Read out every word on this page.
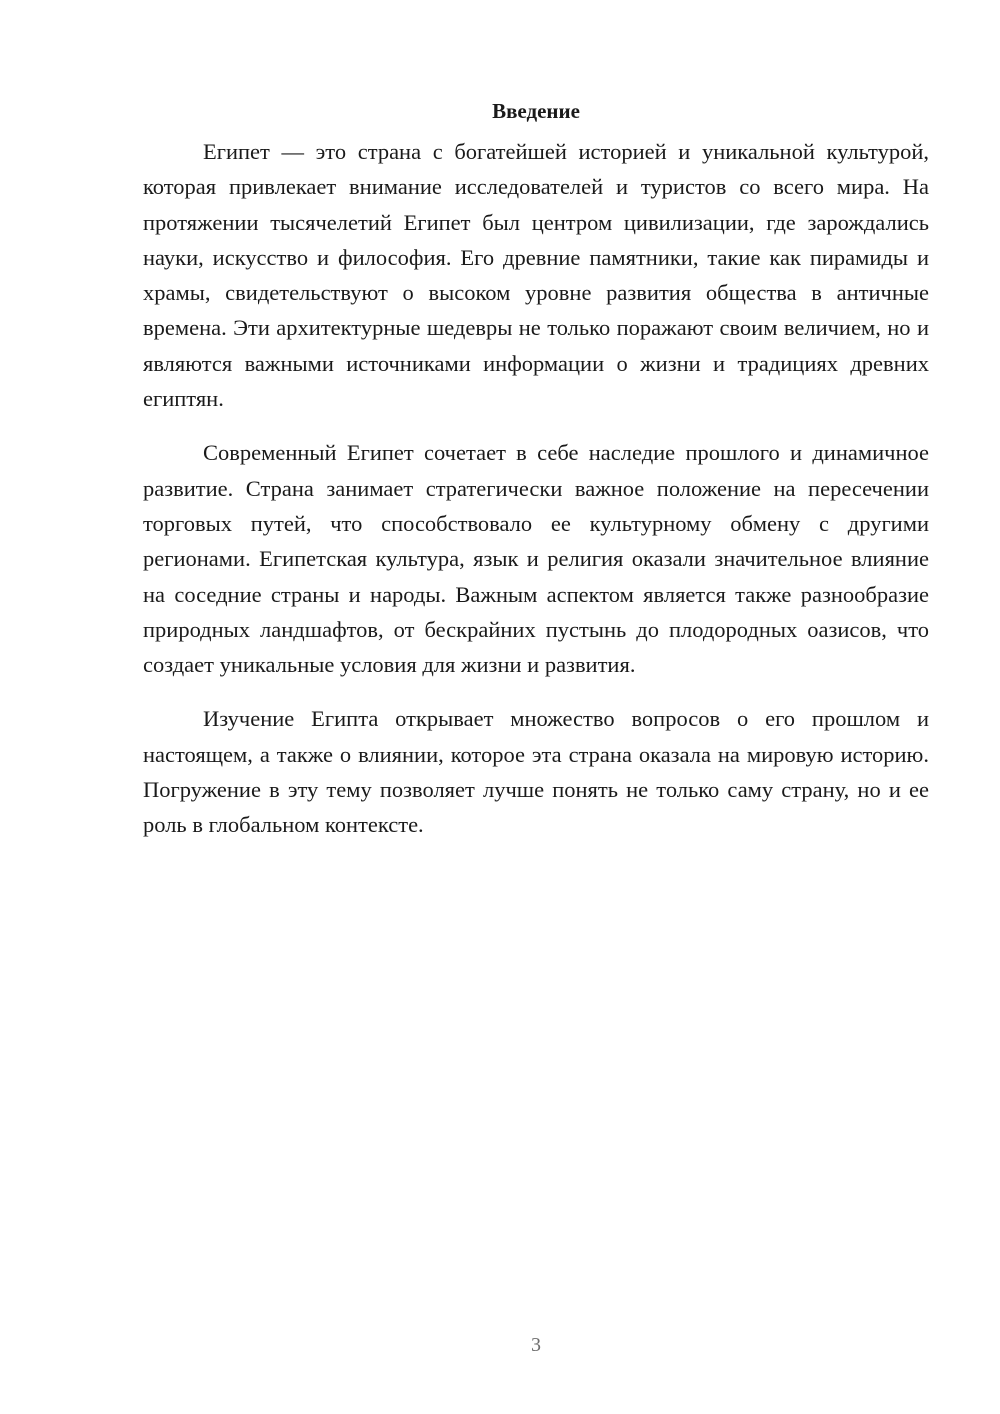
Введение

Египет — это страна с богатейшей историей и уникальной культурой, которая привлекает внимание исследователей и туристов со всего мира. На протяжении тысячелетий Египет был центром цивилизации, где зарождались науки, искусство и философия. Его древние памятники, такие как пирамиды и храмы, свидетельствуют о высоком уровне развития общества в античные времена. Эти архитектурные шедевры не только поражают своим величием, но и являются важными источниками информации о жизни и традициях древних египтян.

Современный Египет сочетает в себе наследие прошлого и динамичное развитие. Страна занимает стратегически важное положение на пересечении торговых путей, что способствовало ее культурному обмену с другими регионами. Египетская культура, язык и религия оказали значительное влияние на соседние страны и народы. Важным аспектом является также разнообразие природных ландшафтов, от бескрайних пустынь до плодородных оазисов, что создает уникальные условия для жизни и развития.

Изучение Египта открывает множество вопросов о его прошлом и настоящем, а также о влиянии, которое эта страна оказала на мировую историю. Погружение в эту тему позволяет лучше понять не только саму страну, но и ее роль в глобальном контексте.

3
